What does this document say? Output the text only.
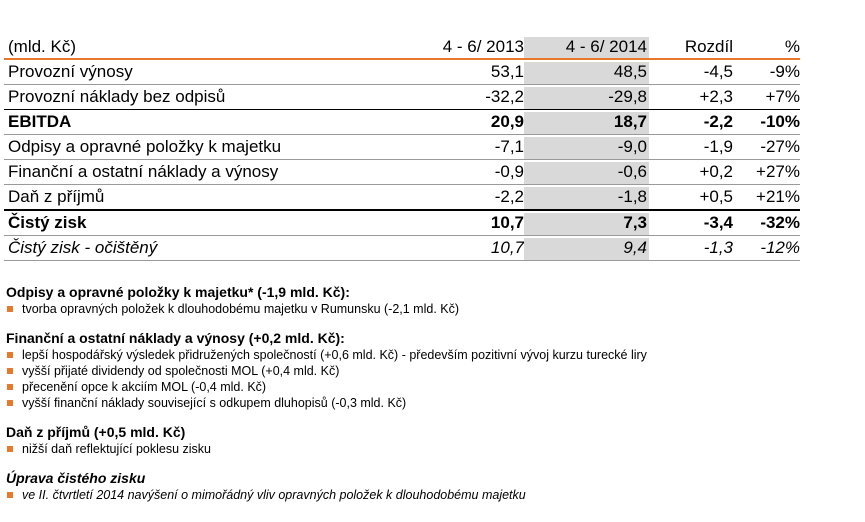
(mld. Kč)	4 - 6/ 2013	4 - 6/ 2014	Rozdíl	%
Provozní výnosy	53,1	48,5	-4,5	-9%
Provozní náklady bez odpisů	-32,2	-29,8	+2,3	+7%
EBITDA	20,9	18,7	-2,2	-10%
Odpisy a opravné položky k majetku	-7,1	-9,0	-1,9	-27%
Finanční a ostatní náklady a výnosy	-0,9	-0,6	+0,2	+27%
Daň z příjmů	-2,2	-1,8	+0,5	+21%
Čistý zisk	10,7	7,3	-3,4	-32%
Čistý zisk - očištěný	10,7	9,4	-1,3	-12%
Odpisy a opravné položky k majetku* (-1,9 mld. Kč):
tvorba opravných položek k dlouhodobému majetku v Rumunsku (-2,1 mld. Kč)
Finanční a ostatní náklady a výnosy (+0,2 mld. Kč):
lepší hospodářský výsledek přidružených společností (+0,6 mld. Kč) - především pozitivní vývoj kurzu turecké liry
vyšší přijaté dividendy od společnosti MOL (+0,4 mld. Kč)
přecenění opce k akciím MOL (-0,4 mld. Kč)
vyšší finanční náklady související s odkupem dluhopisů (-0,3 mld. Kč)
Daň z příjmů (+0,5 mld. Kč)
nižší daň reflektující poklesu zisku
Úprava čistého zisku
ve II. čtvrtletí 2014 navýšení o mimořádný vliv opravných položek k dlouhodobému majetku
